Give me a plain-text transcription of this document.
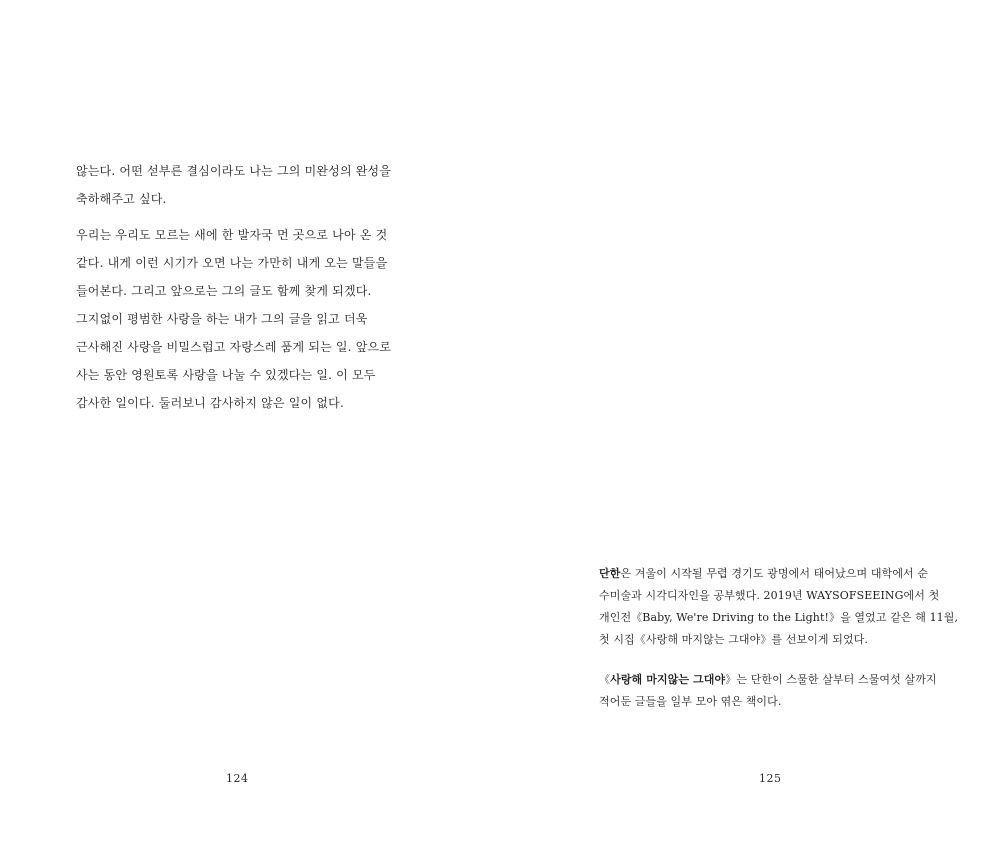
않는다. 어떤 섣부른 결심이라도 나는 그의 미완성의 완성을
축하해주고 싶다.

우리는 우리도 모르는 새에 한 발자국 먼 곳으로 나아 온 것
같다. 내게 이런 시기가 오면 나는 가만히 내게 오는 말들을
들어본다. 그리고 앞으로는 그의 글도 함께 찾게 되겠다.
그지없이 평범한 사랑을 하는 내가 그의 글을 읽고 더욱
근사해진 사랑을 비밀스럽고 자랑스레 품게 되는 일. 앞으로
사는 동안 영원토록 사랑을 나눌 수 있겠다는 일. 이 모두
감사한 일이다. 둘러보니 감사하지 않은 일이 없다.

124

단한은 겨울이 시작될 무렵 경기도 광명에서 태어났으며 대학에서 순
수미술과 시각디자인을 공부했다. 2019년 WAYSOFSEEING에서 첫
개인전《Baby, We're Driving to the Light!》을 열었고 같은 해 11월,
첫 시집《사랑해 마지않는 그대야》를 선보이게 되었다.

《사랑해 마지않는 그대야》는 단한이 스물한 살부터 스물여섯 살까지
적어둔 글들을 일부 모아 엮은 책이다.

125
